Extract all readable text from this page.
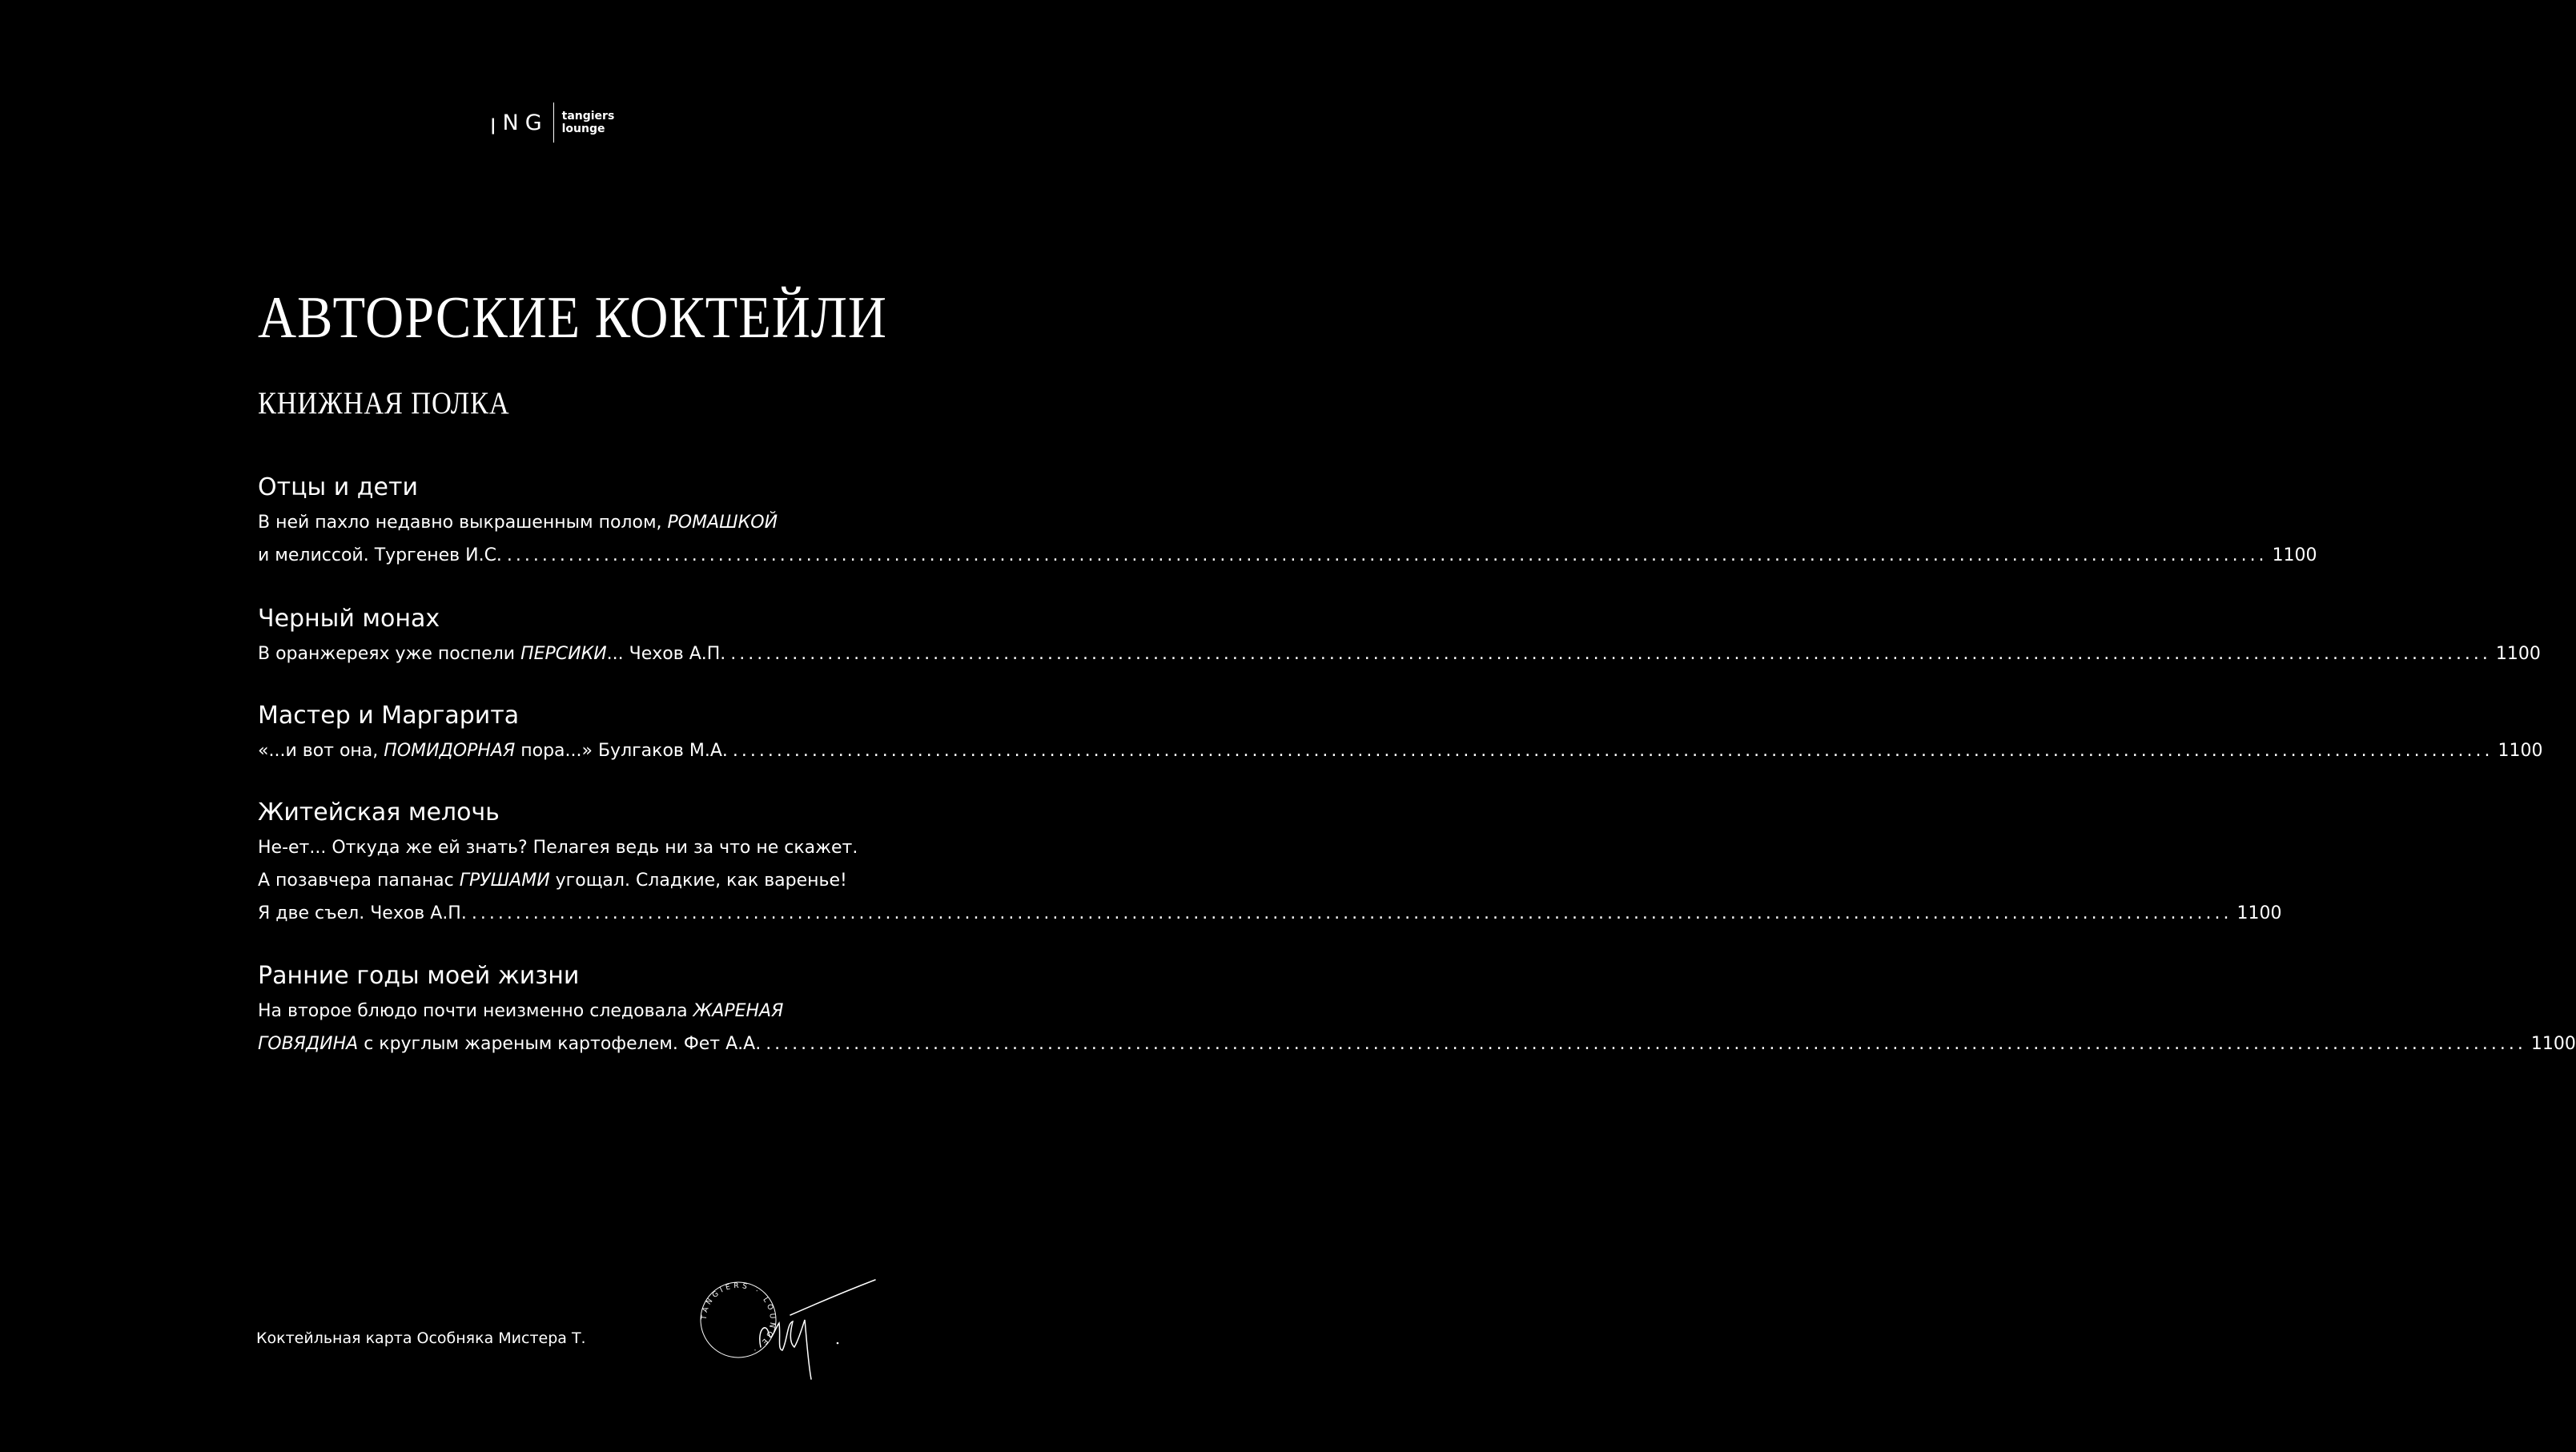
ꞁNG tangiers
lounge
АВТОРСКИЕ КОКТЕЙЛИ
КНИЖНАЯ ПОЛКА
Отцы и дети
В ней пахло недавно выкрашенным полом, РОМАШКОЙ
и мелиссой. Тургенев И.С. ........................................................................................................................................................................................................ 1100
Черный монах
В оранжереях уже поспели ПЕРСИКИ... Чехов А.П. ........................................................................................................................................................................................................ 1100
Мастер и Маргарита
«...и вот она, ПОМИДОРНАЯ пора...» Булгаков М.А. ........................................................................................................................................................................................................ 1100
Житейская мелочь
Не-ет... Откуда же ей знать? Пелагея ведь ни за что не скажет.
А позавчера папанас ГРУШАМИ угощал. Сладкие, как варенье!
Я две съел. Чехов А.П. ........................................................................................................................................................................................................ 1100
Ранние годы моей жизни
На второе блюдо почти неизменно следовала ЖАРЕНАЯ
ГОВЯДИНА с круглым жареным картофелем. Фет А.А. ........................................................................................................................................................................................................ 1100
Коктейльная карта Особняка Мистера Т.
TANGIERS · LOUNGE ·
